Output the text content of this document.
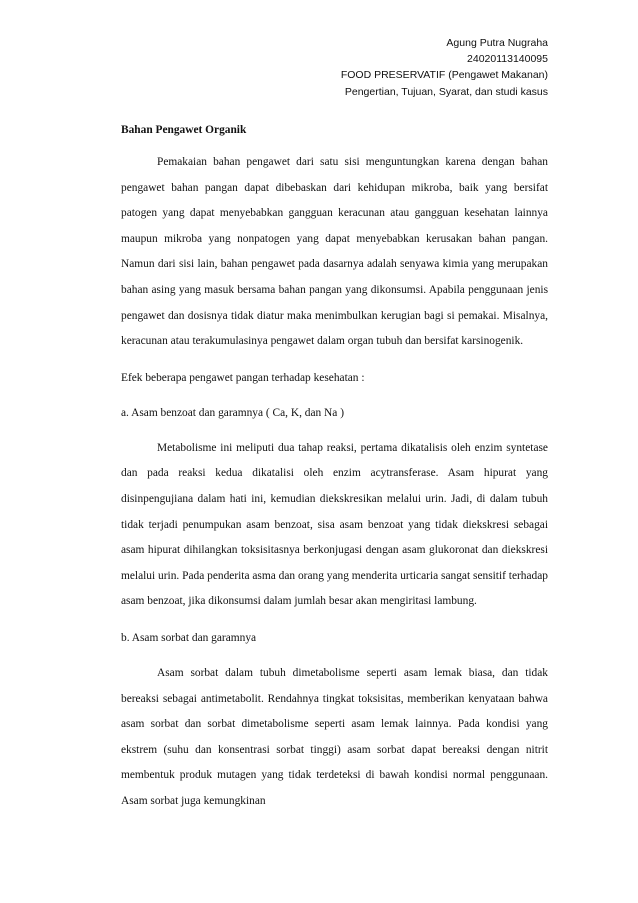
Agung Putra Nugraha
24020113140095
FOOD PRESERVATIF (Pengawet Makanan)
Pengertian, Tujuan, Syarat, dan studi kasus

Bahan Pengawet Organik

Pemakaian bahan pengawet dari satu sisi menguntungkan karena dengan bahan pengawet bahan pangan dapat dibebaskan dari kehidupan mikroba, baik yang bersifat patogen yang dapat menyebabkan gangguan keracunan atau gangguan kesehatan lainnya maupun mikroba yang nonpatogen yang dapat menyebabkan kerusakan bahan pangan. Namun dari sisi lain, bahan pengawet pada dasarnya adalah senyawa kimia yang merupakan bahan asing yang masuk bersama bahan pangan yang dikonsumsi. Apabila penggunaan jenis pengawet dan dosisnya tidak diatur maka menimbulkan kerugian bagi si pemakai. Misalnya, keracunan atau terakumulasinya pengawet dalam organ tubuh dan bersifat karsinogenik.

Efek beberapa pengawet pangan terhadap kesehatan :

a. Asam benzoat dan garamnya ( Ca, K, dan Na )

Metabolisme ini meliputi dua tahap reaksi, pertama dikatalisis oleh enzim syntetase dan pada reaksi kedua dikatalisi oleh enzim acytransferase. Asam hipurat yang disinpengujiana dalam hati ini, kemudian diekskresikan melalui urin. Jadi, di dalam tubuh tidak terjadi penumpukan asam benzoat, sisa asam benzoat yang tidak diekskresi sebagai asam hipurat dihilangkan toksisitasnya berkonjugasi dengan asam glukoronat dan diekskresi melalui urin. Pada penderita asma dan orang yang menderita urticaria sangat sensitif terhadap asam benzoat, jika dikonsumsi dalam jumlah besar akan mengiritasi lambung.

b. Asam sorbat dan garamnya

Asam sorbat dalam tubuh dimetabolisme seperti asam lemak biasa, dan tidak bereaksi sebagai antimetabolit. Rendahnya tingkat toksisitas, memberikan kenyataan bahwa asam sorbat dan sorbat dimetabolisme seperti asam lemak lainnya. Pada kondisi yang ekstrem (suhu dan konsentrasi sorbat tinggi) asam sorbat dapat bereaksi dengan nitrit membentuk produk mutagen yang tidak terdeteksi di bawah kondisi normal penggunaan. Asam sorbat juga kemungkinan
